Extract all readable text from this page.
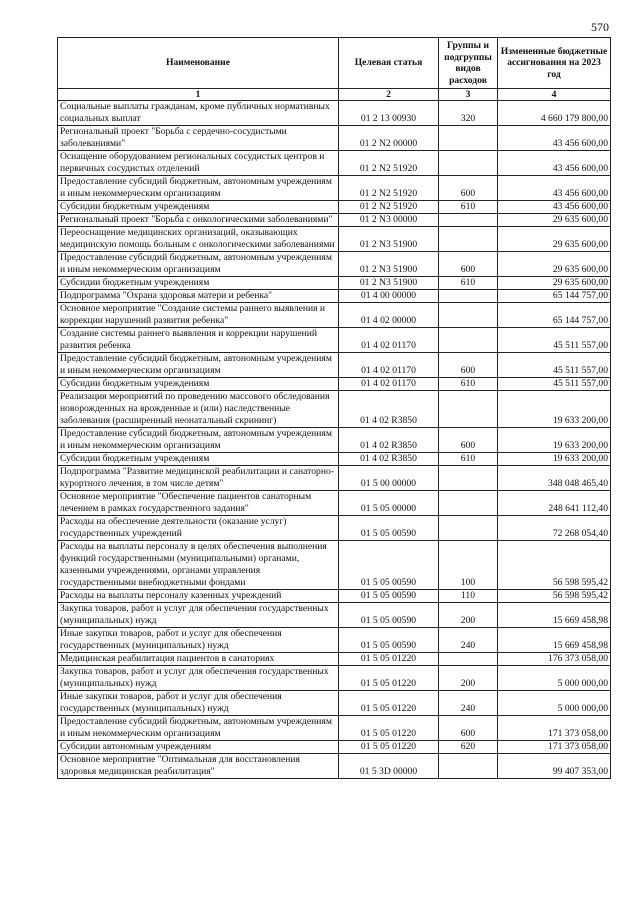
570
Наименование	Целевая статья	Группы и подгруппы видов расходов	Измененные бюджетные ассигнования на 2023 год
1	2	3	4
Социальные выплаты гражданам, кроме публичных нормативных социальных выплат	01 2 13 00930	320	4 660 179 800,00
Региональный проект "Борьба с сердечно-сосудистыми заболеваниями"	01 2 N2 00000		43 456 600,00
Оснащение оборудованием региональных сосудистых центров и первичных сосудистых отделений	01 2 N2 51920		43 456 600,00
Предоставление субсидий бюджетным, автономным учреждениям и иным некоммерческим организациям	01 2 N2 51920	600	43 456 600,00
Субсидии бюджетным учреждениям	01 2 N2 51920	610	43 456 600,00
Региональный проект "Борьба с онкологическими заболеваниями"	01 2 N3 00000		29 635 600,00
Переоснащение медицинских организаций, оказывающих медицинскую помощь больным с онкологическими заболеваниями	01 2 N3 51900		29 635 600,00
Предоставление субсидий бюджетным, автономным учреждениям и иным некоммерческим организациям	01 2 N3 51900	600	29 635 600,00
Субсидии бюджетным учреждениям	01 2 N3 51900	610	29 635 600,00
Подпрограмма "Охрана здоровья матери и ребенка"	01 4 00 00000		65 144 757,00
Основное мероприятие "Создание системы раннего выявления и коррекции нарушений развития ребенка"	01 4 02 00000		65 144 757,00
Создание системы раннего выявления и коррекции нарушений развития ребенка	01 4 02 01170		45 511 557,00
Предоставление субсидий бюджетным, автономным учреждениям и иным некоммерческим организациям	01 4 02 01170	600	45 511 557,00
Субсидии бюджетным учреждениям	01 4 02 01170	610	45 511 557,00
Реализация мероприятий по проведению массового обследования новорожденных на врожденные и (или) наследственные заболевания (расширенный неонатальный скрининг)	01 4 02 R3850		19 633 200,00
Предоставление субсидий бюджетным, автономным учреждениям и иным некоммерческим организациям	01 4 02 R3850	600	19 633 200,00
Субсидии бюджетным учреждениям	01 4 02 R3850	610	19 633 200,00
Подпрограмма "Развитие медицинской реабилитации и санаторно-курортного лечения, в том числе детям"	01 5 00 00000		348 048 465,40
Основное мероприятие "Обеспечение пациентов санаторным лечением в рамках государственного задания"	01 5 05 00000		248 641 112,40
Расходы на обеспечение деятельности (оказание услуг) государственных учреждений	01 5 05 00590		72 268 054,40
Расходы на выплаты персоналу в целях обеспечения выполнения функций государственными (муниципальными) органами, казенными учреждениями, органами управления государственными внебюджетными фондами	01 5 05 00590	100	56 598 595,42
Расходы на выплаты персоналу казенных учреждений	01 5 05 00590	110	56 598 595,42
Закупка товаров, работ и услуг для обеспечения государственных (муниципальных) нужд	01 5 05 00590	200	15 669 458,98
Иные закупки товаров, работ и услуг для обеспечения государственных (муниципальных) нужд	01 5 05 00590	240	15 669 458,98
Медицинская реабилитация пациентов в санаториях	01 5 05 01220		176 373 058,00
Закупка товаров, работ и услуг для обеспечения государственных (муниципальных) нужд	01 5 05 01220	200	5 000 000,00
Иные закупки товаров, работ и услуг для обеспечения государственных (муниципальных) нужд	01 5 05 01220	240	5 000 000,00
Предоставление субсидий бюджетным, автономным учреждениям и иным некоммерческим организациям	01 5 05 01220	600	171 373 058,00
Субсидии автономным учреждениям	01 5 05 01220	620	171 373 058,00
Основное мероприятие "Оптимальная для восстановления здоровья медицинская реабилитация"	01 5 3D 00000		99 407 353,00
